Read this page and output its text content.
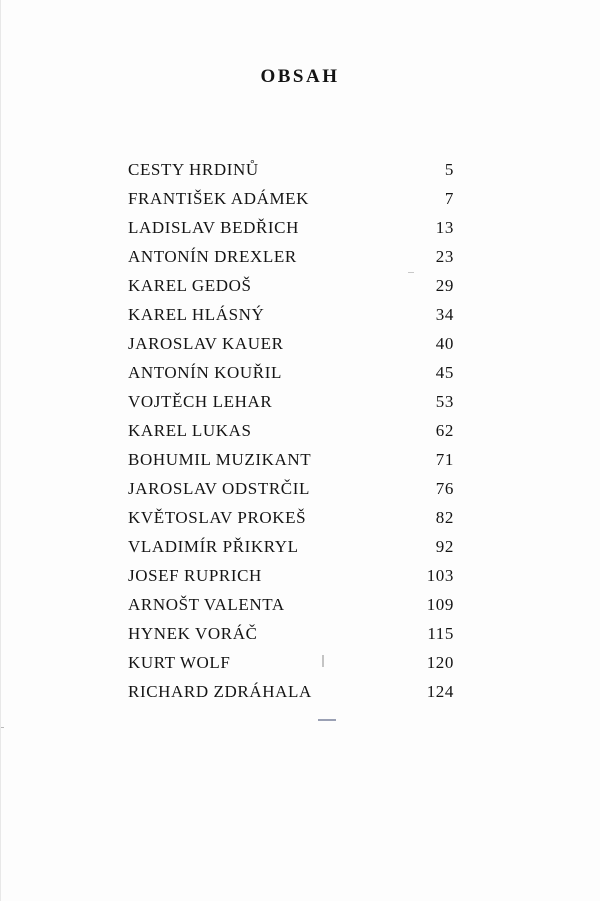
OBSAH
CESTY HRDINŮ	5
FRANTIŠEK ADÁMEK	7
LADISLAV BEDŘICH	13
ANTONÍN DREXLER	23
KAREL GEDOŠ	29
KAREL HLÁSNÝ	34
JAROSLAV KAUER	40
ANTONÍN KOUŘIL	45
VOJTĚCH LEHAR	53
KAREL LUKAS	62
BOHUMIL MUZIKANT	71
JAROSLAV ODSTRČIL	76
KVĚTOSLAV PROKEŠ	82
VLADIMÍR PŘIKRYL	92
JOSEF RUPRICH	103
ARNOŠT VALENTA	109
HYNEK VORÁČ	115
KURT WOLF	120
RICHARD ZDRÁHALA	124
